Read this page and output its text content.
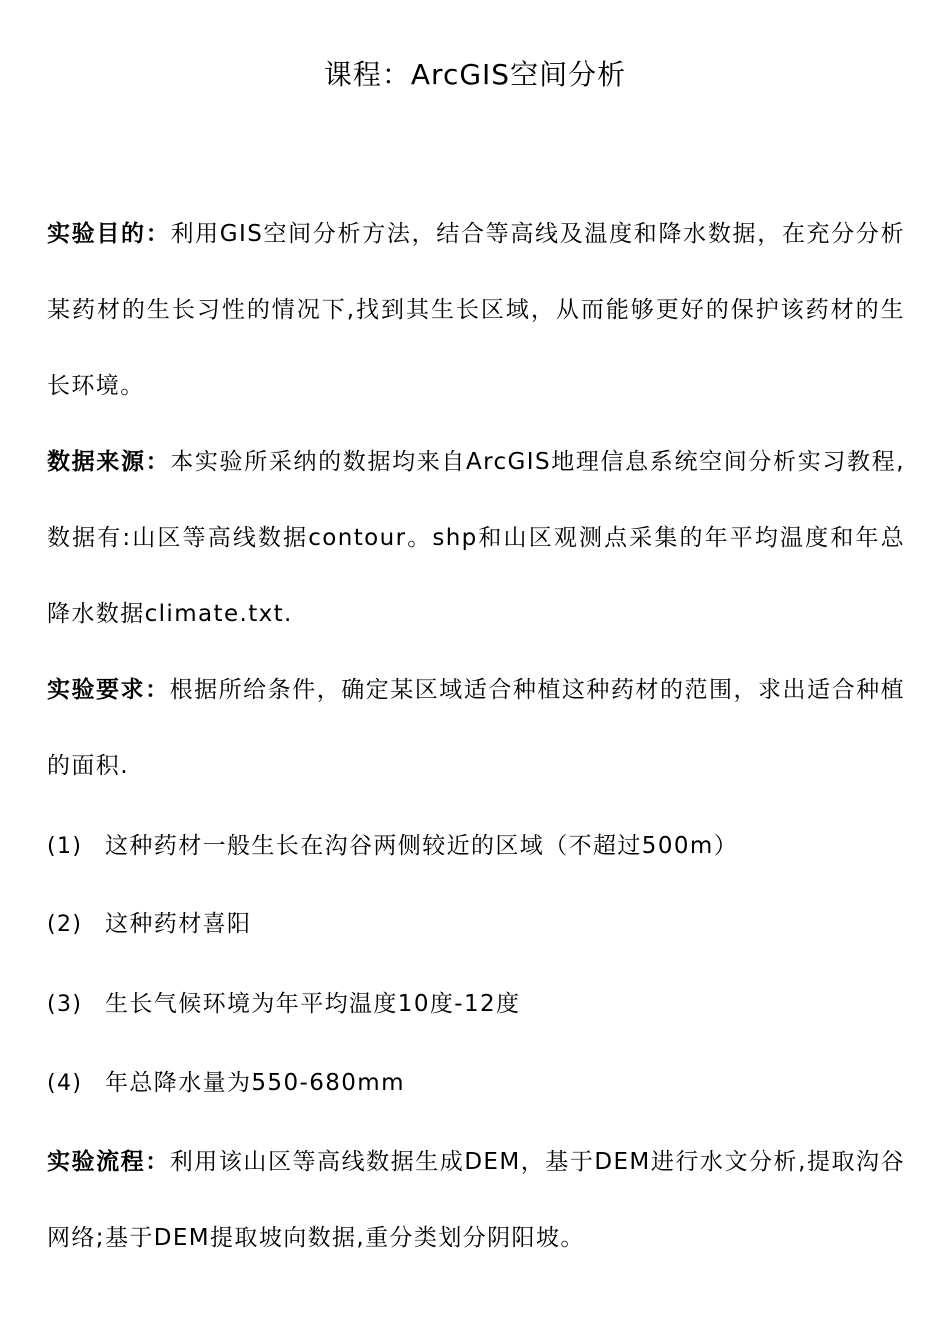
课程：ArcGIS空间分析
实验目的：利用GIS空间分析方法，结合等高线及温度和降水数据，在充分分析某药材的生长习性的情况下,找到其生长区域，从而能够更好的保护该药材的生长环境。
数据来源：本实验所采纳的数据均来自ArcGIS地理信息系统空间分析实习教程,数据有:山区等高线数据contour。shp和山区观测点采集的年平均温度和年总降水数据climate.txt.
实验要求：根据所给条件，确定某区域适合种植这种药材的范围，求出适合种植的面积.
(1) 这种药材一般生长在沟谷两侧较近的区域（不超过500m）
(2) 这种药材喜阳
(3) 生长气候环境为年平均温度10度-12度
(4) 年总降水量为550-680mm
实验流程：利用该山区等高线数据生成DEM，基于DEM进行水文分析,提取沟谷网络;基于DEM提取坡向数据,重分类划分阴阳坡。
